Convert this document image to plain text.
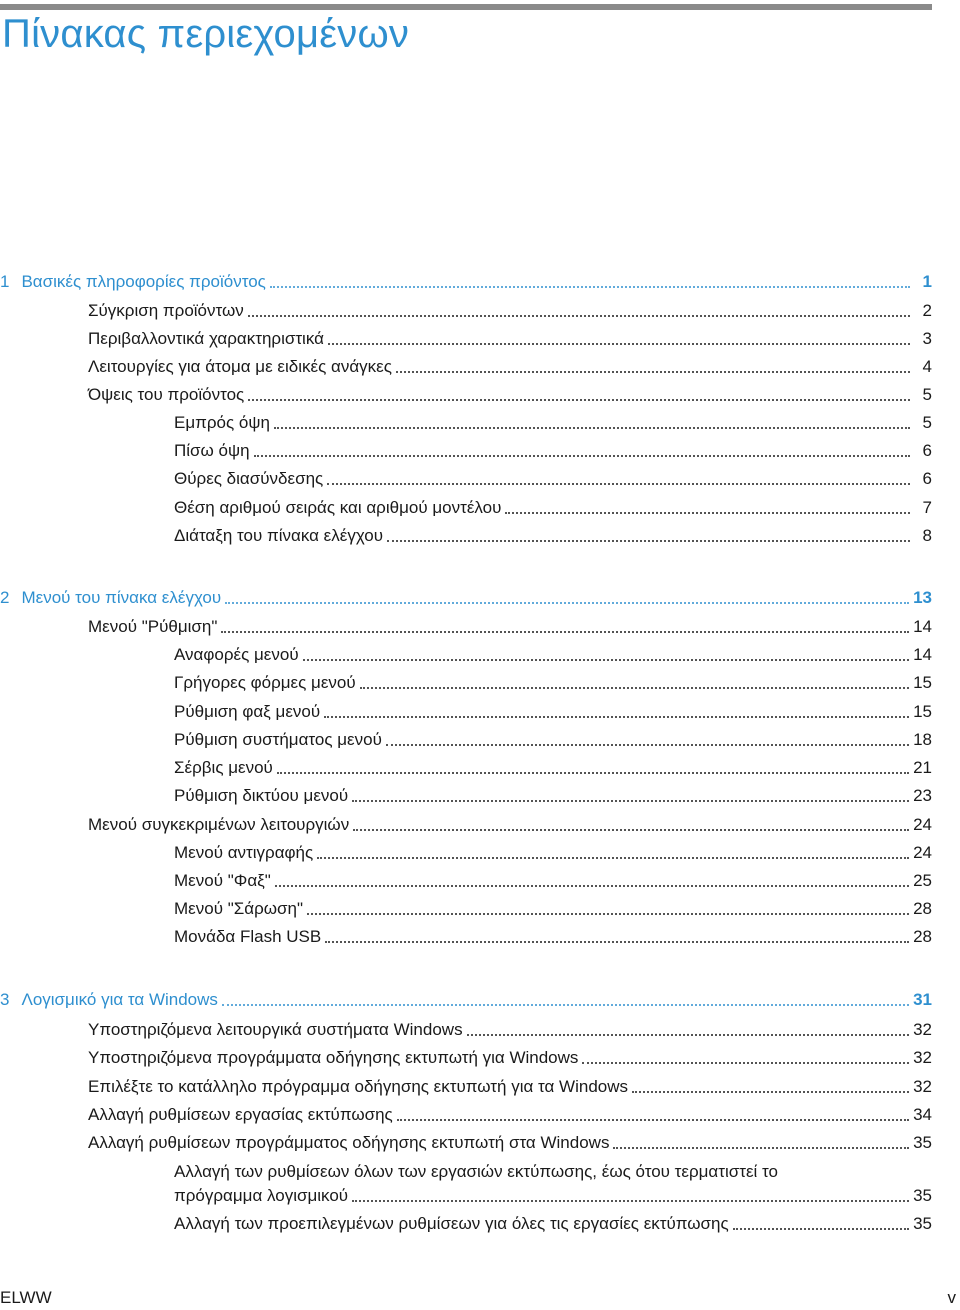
Πίνακας περιεχομένων
1 Βασικές πληροφορίες προϊόντος	1
Σύγκριση προϊόντων	2
Περιβαλλοντικά χαρακτηριστικά	3
Λειτουργίες για άτομα με ειδικές ανάγκες	4
Όψεις του προϊόντος	5
Εμπρός όψη	5
Πίσω όψη	6
Θύρες διασύνδεσης	6
Θέση αριθμού σειράς και αριθμού μοντέλου	7
Διάταξη του πίνακα ελέγχου	8
2 Μενού του πίνακα ελέγχου	13
Μενού "Ρύθμιση"	14
Αναφορές μενού	14
Γρήγορες φόρμες μενού	15
Ρύθμιση φαξ μενού	15
Ρύθμιση συστήματος μενού	18
Σέρβις μενού	21
Ρύθμιση δικτύου μενού	23
Μενού συγκεκριμένων λειτουργιών	24
Μενού αντιγραφής	24
Μενού "Φαξ"	25
Μενού "Σάρωση"	28
Μονάδα Flash USB	28
3 Λογισμικό για τα Windows	31
Υποστηριζόμενα λειτουργικά συστήματα Windows	32
Υποστηριζόμενα προγράμματα οδήγησης εκτυπωτή για Windows	32
Επιλέξτε το κατάλληλο πρόγραμμα οδήγησης εκτυπωτή για τα Windows	32
Αλλαγή ρυθμίσεων εργασίας εκτύπωσης	34
Αλλαγή ρυθμίσεων προγράμματος οδήγησης εκτυπωτή στα Windows	35
Αλλαγή των ρυθμίσεων όλων των εργασιών εκτύπωσης, έως ότου τερματιστεί το
πρόγραμμα λογισμικού	35
Αλλαγή των προεπιλεγμένων ρυθμίσεων για όλες τις εργασίες εκτύπωσης	35
ELWW	v
